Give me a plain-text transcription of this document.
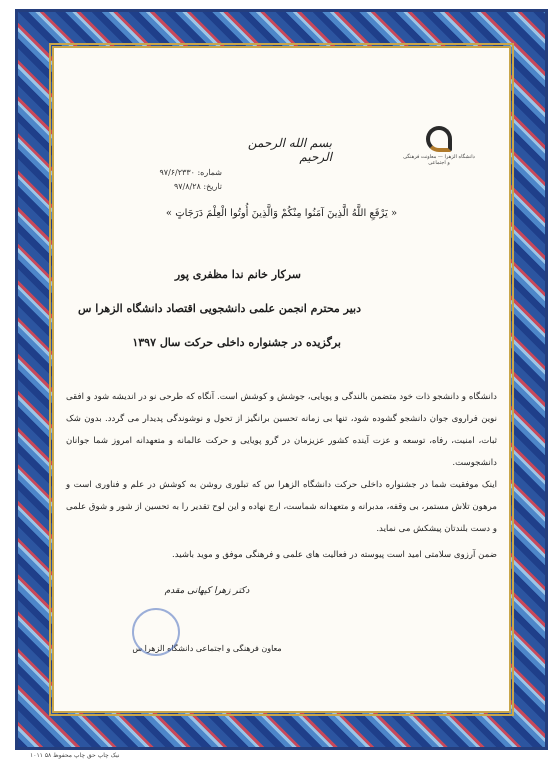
دانشگاه الزهرا — معاونت فرهنگی و اجتماعی
بسم الله الرحمن الرحیم
شماره: ۹۷/۶/۲۳۳۰
تاریخ: ۹۷/۸/۲۸
« يَرْفَعِ اللَّهُ الَّذِينَ آمَنُوا مِنْكُمْ وَالَّذِينَ أُوتُوا الْعِلْمَ دَرَجَاتٍ »
سرکار خانم ندا مظفری پور
دبیر محترم انجمن علمی دانشجویی اقتصاد دانشگاه الزهرا س
برگزیده در جشنواره داخلی حرکت سال ۱۳۹۷

دانشگاه و دانشجو ذات خود متضمن بالندگی و پویایی، جوشش و کوشش است. آنگاه که طرحی نو در اندیشه شود و افقی نوین فراروی جوان دانشجو گشوده شود، تنها بی زمانه تحسین برانگیز از تحول و نوشوندگی پدیدار می گردد. بدون شک ثبات، امنیت، رفاه، توسعه و عزت آینده کشور عزیزمان در گرو پویایی و حرکت عالمانه و متعهدانه امروز شما جوانان دانشجوست.

اینک موفقیت شما در جشنواره داخلی حرکت دانشگاه الزهرا س که تبلوری روشن به کوشش در علم و فناوری است و مرهون تلاش مستمر، بی وقفه، مدبرانه و متعهدانه شماست، ارج نهاده و این لوح تقدیر را به تحسین از شور و شوق علمی و دست بلندتان پیشکش می نماید.

ضمن آرزوی سلامتی امید است پیوسته در فعالیت های علمی و فرهنگی موفق و موید باشید.
دکتر زهرا کیهانی مقدم
معاون فرهنگی و اجتماعی دانشگاه الزهرا س
نیک چاپ حق چاپ محفوظ ۵۸ ۱۰۱۱
